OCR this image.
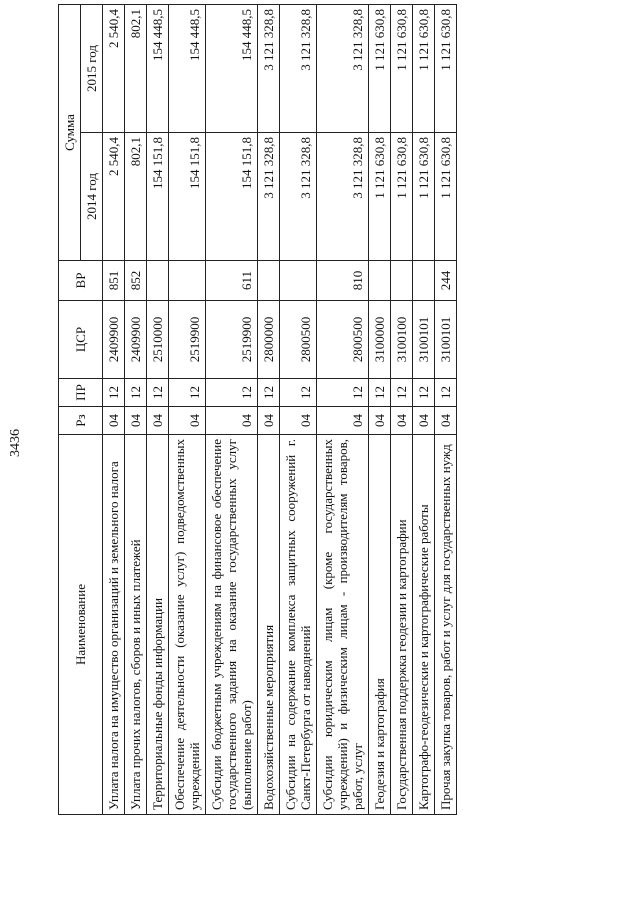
3436
Наименование	Рз	ПР	ЦСР	ВР	Сумма	
					2014 год	2015 год
Уплата налога на имущество организаций и земельного налога	04	12	2409900	851	2 540,4	2 540,4
Уплата прочих налогов, сборов и иных платежей	04	12	2409900	852	802,1	802,1
Территориальные фонды информации	04	12	2510000		154 151,8	154 448,5
Обеспечение деятельности (оказание услуг) подведомственных учреждений	04	12	2519900		154 151,8	154 448,5
Субсидии бюджетным учреждениям на финансовое обеспечение государственного задания на оказание государственных услуг (выполнение работ)	04	12	2519900	611	154 151,8	154 448,5
Водохозяйственные мероприятия	04	12	2800000		3 121 328,8	3 121 328,8
Субсидии на содержание комплекса защитных сооружений г. Санкт-Петербурга от наводнений	04	12	2800500		3 121 328,8	3 121 328,8
Субсидии юридическим лицам (кроме государственных учреждений) и физическим лицам - производителям товаров, работ, услуг	04	12	2800500	810	3 121 328,8	3 121 328,8
Геодезия и картография	04	12	3100000		1 121 630,8	1 121 630,8
Государственная поддержка геодезии и картографии	04	12	3100100		1 121 630,8	1 121 630,8
Картографо-геодезические и картографические работы	04	12	3100101		1 121 630,8	1 121 630,8
Прочая закупка товаров, работ и услуг для государственных нужд	04	12	3100101	244	1 121 630,8	1 121 630,8
